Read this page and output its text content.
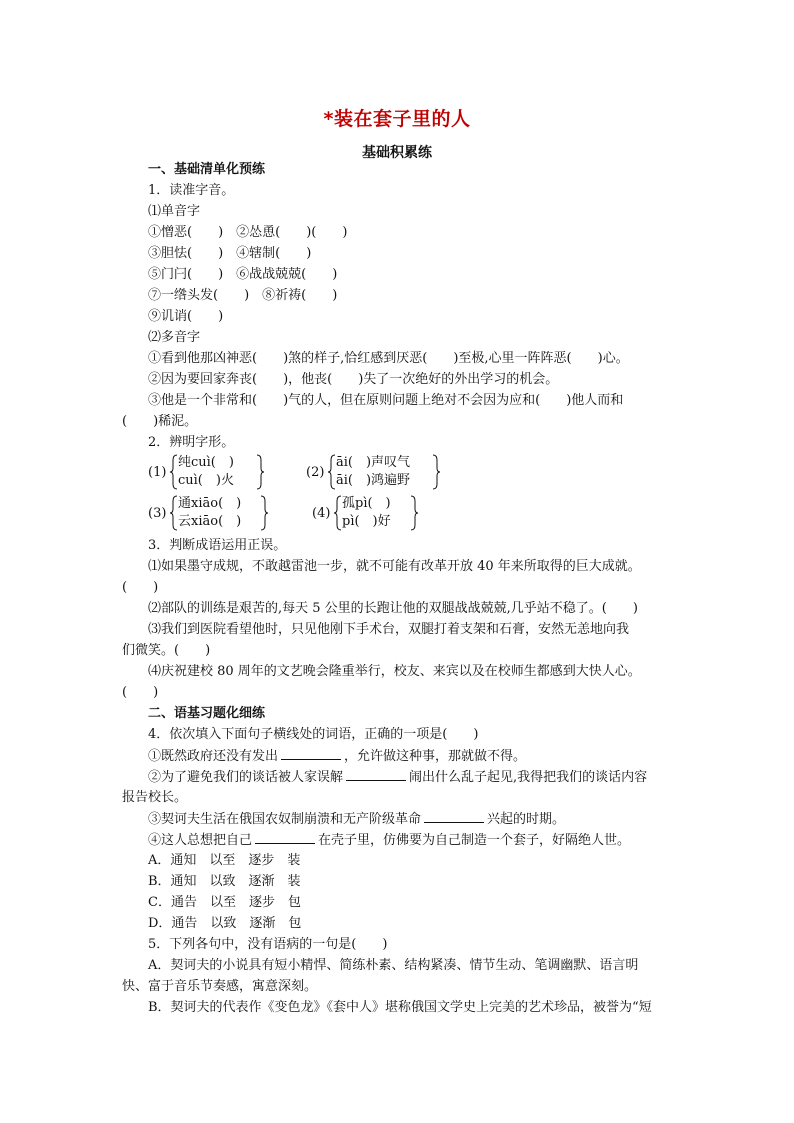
*装在套子里的人
基础积累练
一、基础清单化预练
1．读准字音。
⑴单音字
①憎恶(　　)　②怂恿(　　)(　　)
③胆怯(　　)　④辖制(　　)
⑤门闩(　　)　⑥战战兢兢(　　)
⑦一绺头发(　　)　⑧祈祷(　　)
⑨讥诮(　　)
⑵多音字
①看到他那凶神恶(　　)煞的样子,恰红感到厌恶(　　)至极,心里一阵阵恶(　　)心。
②因为要回家奔丧(　　)，他丧(　　)失了一次绝好的外出学习的机会。
③他是一个非常和(　　)气的人，但在原则问题上绝对不会因为应和(　　)他人而和
(　　)稀泥。
2．辨明字形。
(1)
纯cuì(　)
cuì(　)火
(2)
āi(　)声叹气
āi(　)鸿遍野
(3)
通xiāo(　)
云xiāo(　)
(4)
孤pì(　)
pì(　)好
3．判断成语运用正误。
⑴如果墨守成规，不敢越雷池一步，就不可能有改革开放 40 年来所取得的巨大成就。
(　　)
⑵部队的训练是艰苦的,每天 5 公里的长跑让他的双腿战战兢兢,几乎站不稳了。(　　)
⑶我们到医院看望他时，只见他刚下手术台，双腿打着支架和石膏，安然无恙地向我
们微笑。(　　)
⑷庆祝建校 80 周年的文艺晚会隆重举行，校友、来宾以及在校师生都感到大快人心。
(　　)
二、语基习题化细练
4．依次填入下面句子横线处的词语，正确的一项是(　　)
①既然政府还没有发出	，允许做这种事，那就做不得。
②为了避免我们的谈话被人家误解	闹出什么乱子起见,我得把我们的谈话内容
报告校长。
③契诃夫生活在俄国农奴制崩溃和无产阶级革命	兴起的时期。
④这人总想把自己	在壳子里，仿佛要为自己制造一个套子，好隔绝人世。
A．通知　以至　逐步　装
B．通知　以致　逐渐　装
C．通告　以至　逐步　包
D．通告　以致　逐渐　包
5．下列各句中，没有语病的一句是(　　)
A．契诃夫的小说具有短小精悍、简练朴素、结构紧凑、情节生动、笔调幽默、语言明
快、富于音乐节奏感，寓意深刻。
B．契诃夫的代表作《变色龙》《套中人》堪称俄国文学史上完美的艺术珍品，被誉为“短
